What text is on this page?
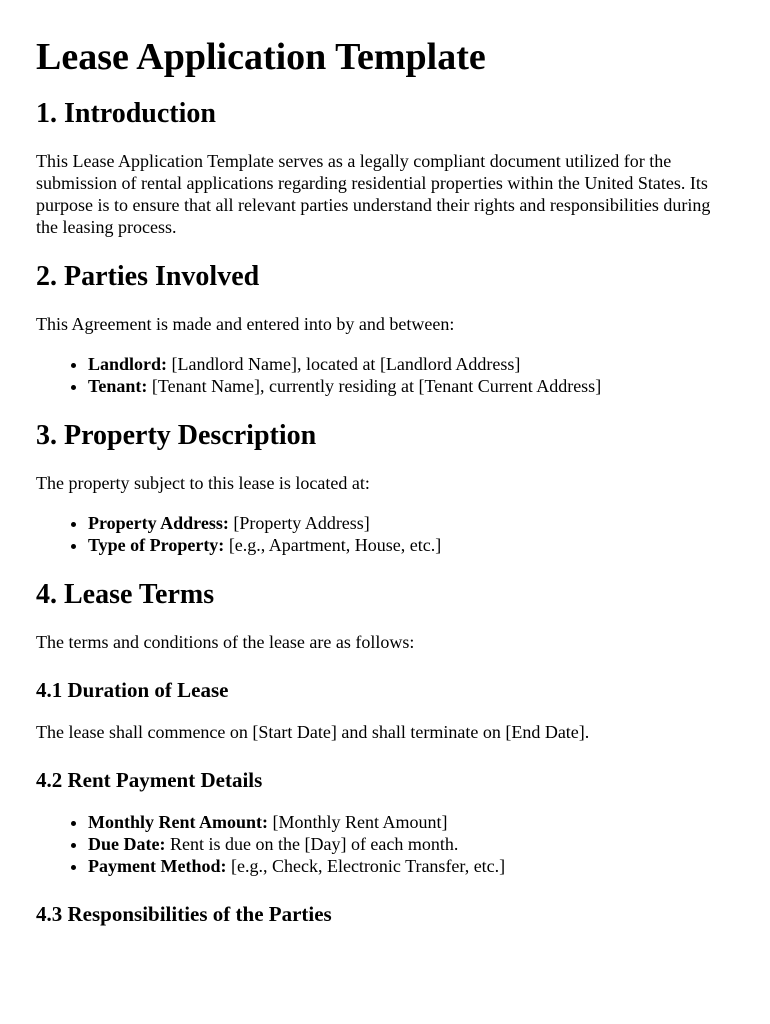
Lease Application Template
1. Introduction

This Lease Application Template serves as a legally compliant document utilized for the submission of rental applications regarding residential properties within the United States. Its purpose is to ensure that all relevant parties understand their rights and responsibilities during the leasing process.

2. Parties Involved

This Agreement is made and entered into by and between:

• Landlord: [Landlord Name], located at [Landlord Address]
• Tenant: [Tenant Name], currently residing at [Tenant Current Address]
3. Property Description

The property subject to this lease is located at:

• Property Address: [Property Address]
• Type of Property: [e.g., Apartment, House, etc.]
4. Lease Terms

The terms and conditions of the lease are as follows:

4.1 Duration of Lease

The lease shall commence on [Start Date] and shall terminate on [End Date].

4.2 Rent Payment Details
• Monthly Rent Amount: [Monthly Rent Amount]
• Due Date: Rent is due on the [Day] of each month.
• Payment Method: [e.g., Check, Electronic Transfer, etc.]
4.3 Responsibilities of the Parties
